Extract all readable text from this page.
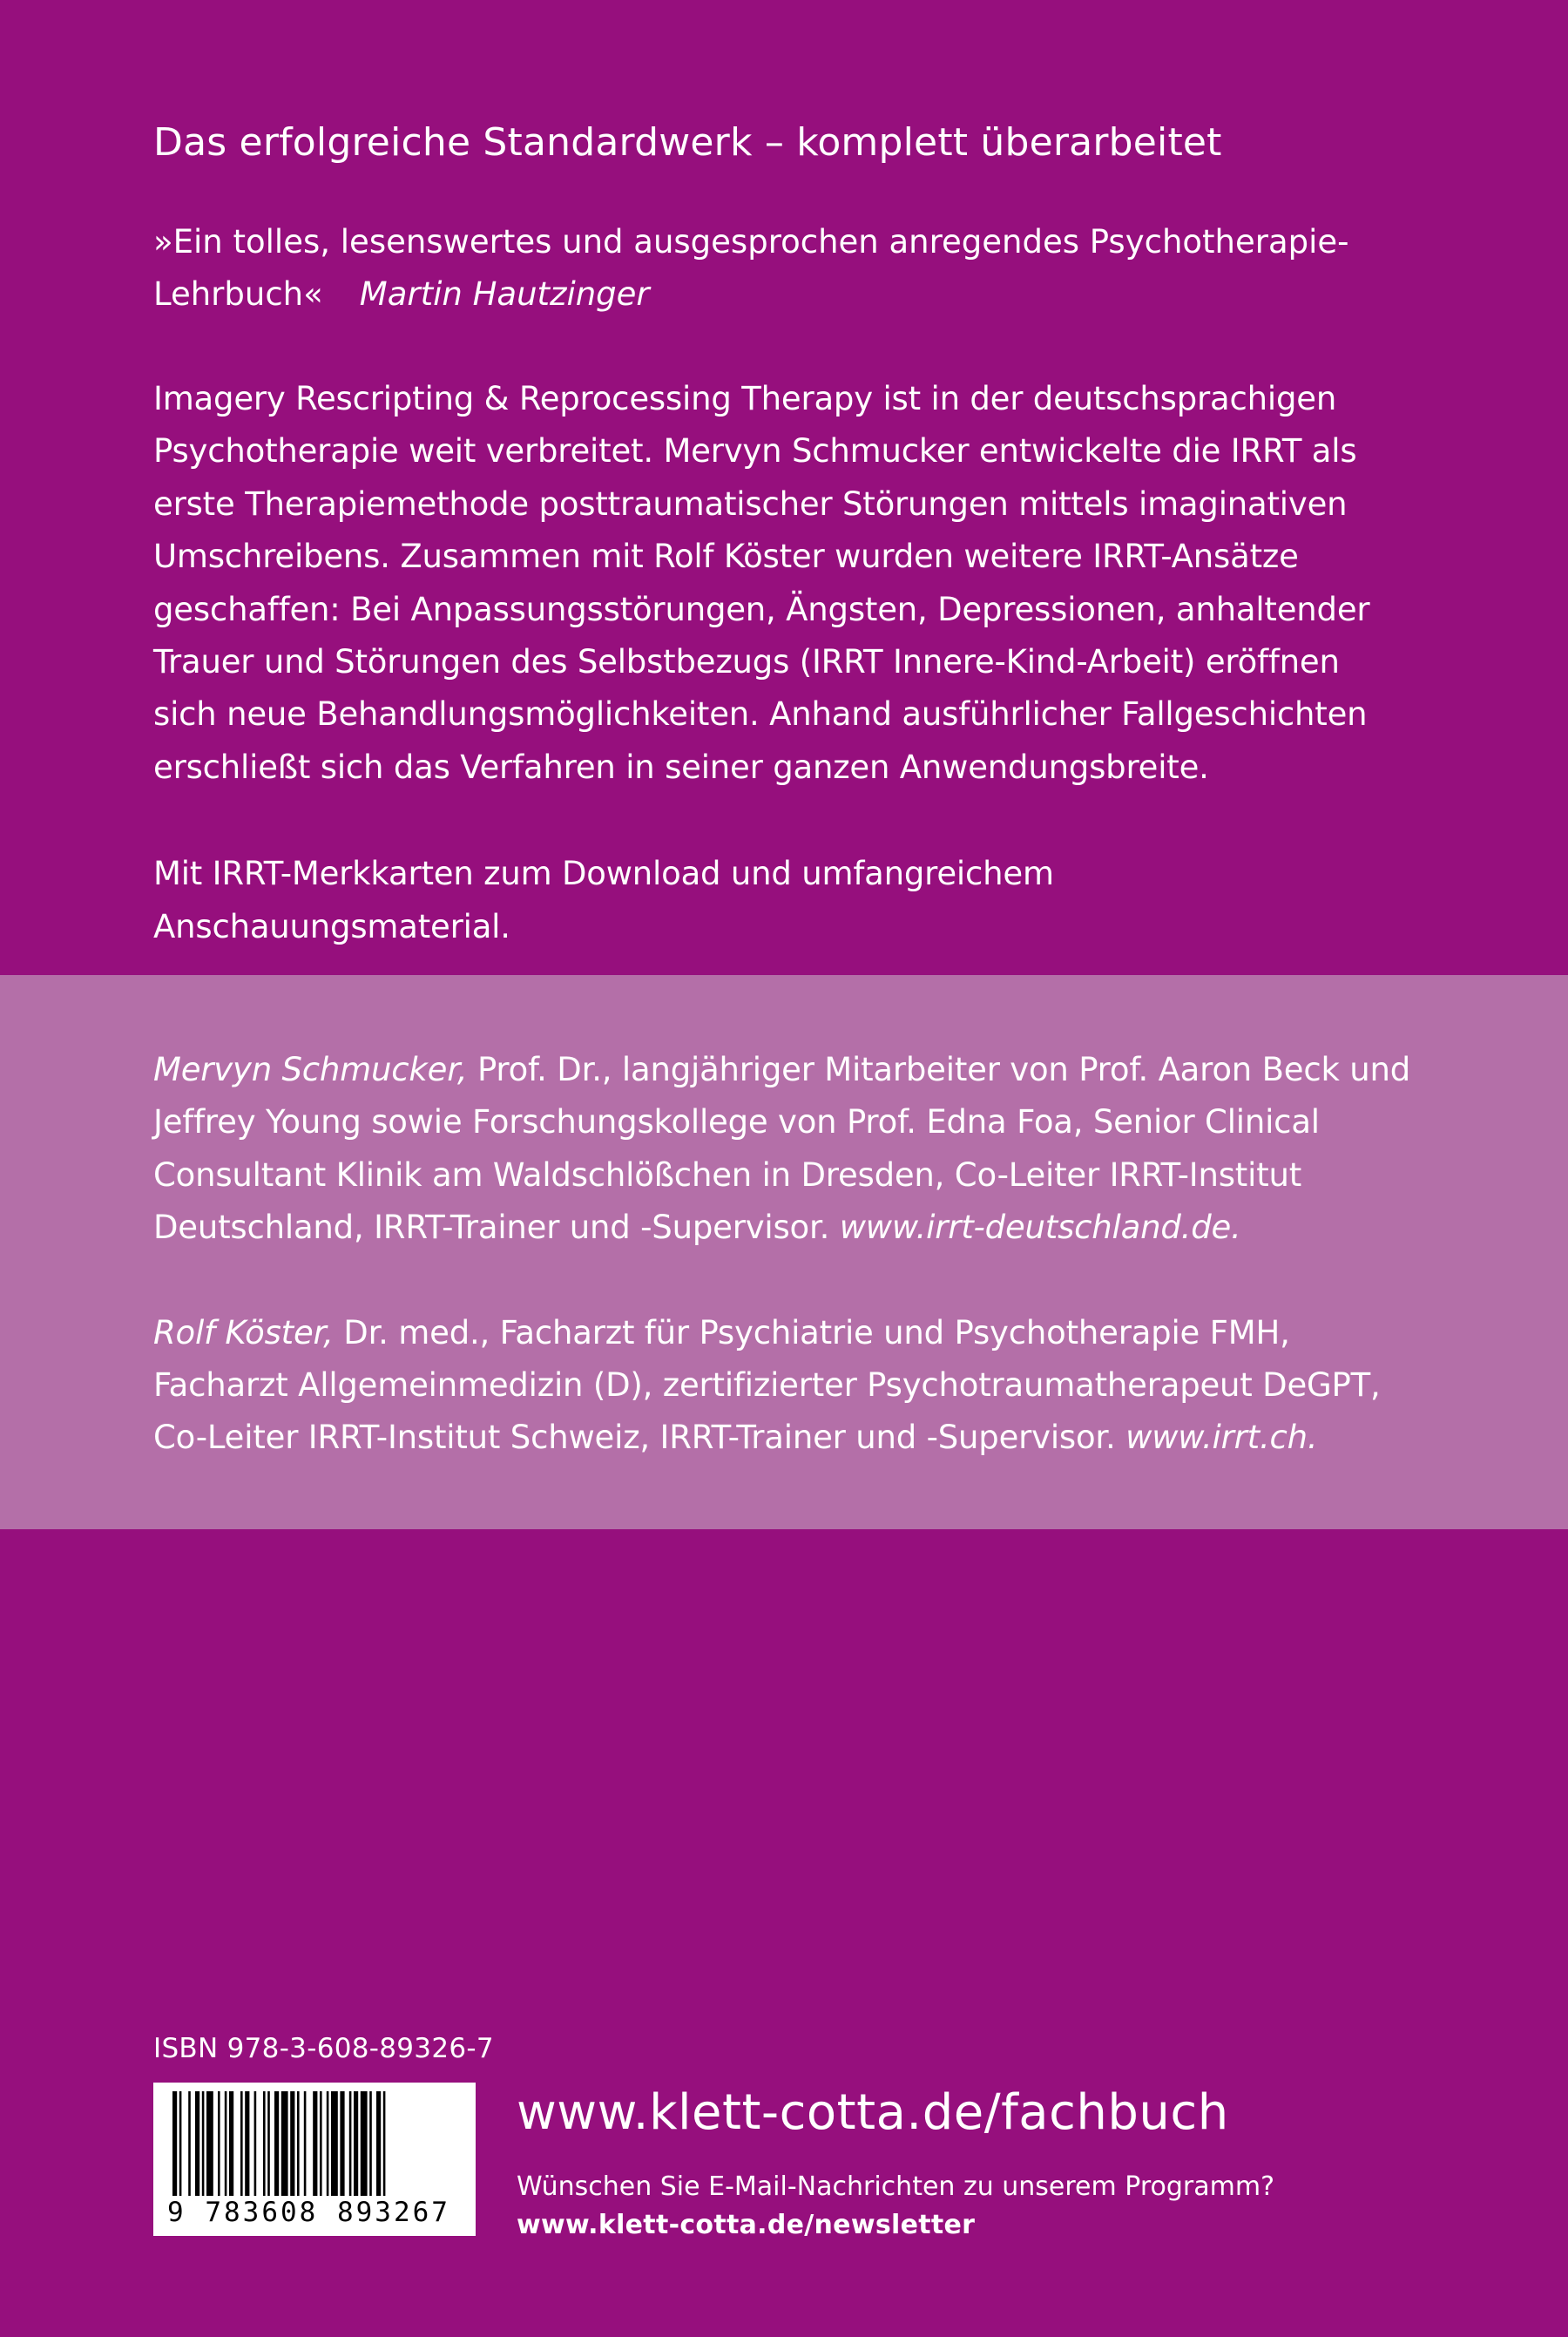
Das erfolgreiche Standardwerk – komplett überarbeitet

»Ein tolles, lesenswertes und ausgesprochen anregendes Psychotherapie-Lehrbuch« Martin Hautzinger

Imagery Rescripting & Reprocessing Therapy ist in der deutschsprachigen Psychotherapie weit verbreitet. Mervyn Schmucker entwickelte die IRRT als erste Therapiemethode posttraumatischer Störungen mittels imaginativen Umschreibens. Zusammen mit Rolf Köster wurden weitere IRRT-Ansätze geschaffen: Bei Anpassungsstörungen, Ängsten, Depressionen, anhaltender Trauer und Störungen des Selbstbezugs (IRRT Innere-Kind-Arbeit) eröffnen sich neue Behandlungsmöglichkeiten. Anhand ausführlicher Fallgeschichten erschließt sich das Verfahren in seiner ganzen Anwendungsbreite.

Mit IRRT-Merkkarten zum Download und umfangreichem Anschauungsmaterial.

Mervyn Schmucker, Prof. Dr., langjähriger Mitarbeiter von Prof. Aaron Beck und Jeffrey Young sowie Forschungskollege von Prof. Edna Foa, Senior Clinical Consultant Klinik am Waldschlößchen in Dresden, Co-Leiter IRRT-Institut Deutschland, IRRT-Trainer und -Supervisor. www.irrt-deutschland.de.

Rolf Köster, Dr. med., Facharzt für Psychiatrie und Psychotherapie FMH, Facharzt Allgemeinmedizin (D), zertifizierter Psychotraumatherapeut DeGPT, Co-Leiter IRRT-Institut Schweiz, IRRT-Trainer und -Supervisor. www.irrt.ch.

ISBN 978-3-608-89326-7
9 783608 893267
www.klett-cotta.de/fachbuch
Wünschen Sie E-Mail-Nachrichten zu unserem Programm?
www.klett-cotta.de/newsletter
